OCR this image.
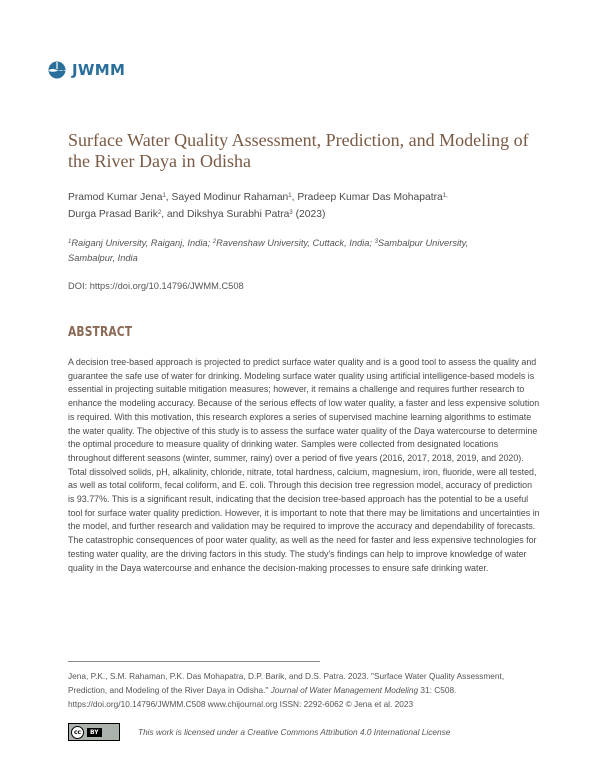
JWMM
Surface Water Quality Assessment, Prediction, and Modeling of
the River Daya in Odisha
Pramod Kumar Jena$^1$, Sayed Modinur Rahaman$^1$, Pradeep Kumar Das Mohapatra$^{1,}$
Durga Prasad Barik$^2$, and Dikshya Surabhi Patra$^3$ (2023)
$^1$Raiganj University, Raiganj, India; $^2$Ravenshaw University, Cuttack, India; $^3$Sambalpur University,
Sambalpur, India
DOI: https://doi.org/10.14796/JWMM.C508
ABSTRACT

A decision tree-based approach is projected to predict surface water quality and is a good tool to assess the quality and guarantee the safe use of water for drinking. Modeling surface water quality using artificial intelligence-based models is essential in projecting suitable mitigation measures; however, it remains a challenge and requires further research to enhance the modeling accuracy. Because of the serious effects of low water quality, a faster and less expensive solution is required. With this motivation, this research explores a series of supervised machine learning algorithms to estimate the water quality. The objective of this study is to assess the surface water quality of the Daya watercourse to determine the optimal procedure to measure quality of drinking water. Samples were collected from designated locations throughout different seasons (winter, summer, rainy) over a period of five years (2016, 2017, 2018, 2019, and 2020). Total dissolved solids, pH, alkalinity, chloride, nitrate, total hardness, calcium, magnesium, iron, fluoride, were all tested, as well as total coliform, fecal coliform, and E. coli. Through this decision tree regression model, accuracy of prediction is 93.77%. This is a significant result, indicating that the decision tree-based approach has the potential to be a useful tool for surface water quality prediction. However, it is important to note that there may be limitations and uncertainties in the model, and further research and validation may be required to improve the accuracy and dependability of forecasts. The catastrophic consequences of poor water quality, as well as the need for faster and less expensive technologies for testing water quality, are the driving factors in this study. The study's findings can help to improve knowledge of water quality in the Daya watercourse and enhance the decision-making processes to ensure safe drinking water.

Jena, P.K., S.M. Rahaman, P.K. Das Mohapatra, D.P. Barik, and D.S. Patra. 2023. "Surface Water Quality Assessment,
Prediction, and Modeling of the River Daya in Odisha." Journal of Water Management Modeling 31: C508.
https://doi.org/10.14796/JWMM.C508 www.chijournal.org ISSN: 2292-6062 © Jena et al. 2023
cc	BY	This work is licensed under a Creative Commons Attribution 4.0 International License
